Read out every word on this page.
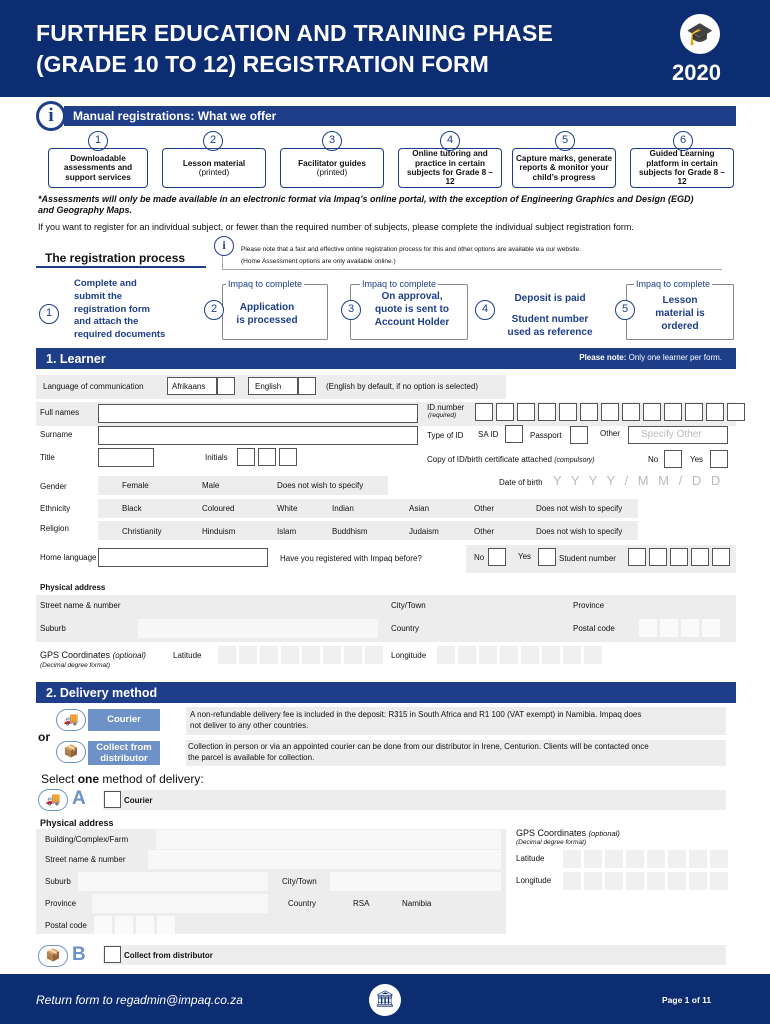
FURTHER EDUCATION AND TRAINING PHASE
(GRADE 10 TO 12) REGISTRATION FORM
🎓
2020
Manual registrations: What we offer
i
1
Downloadable assessments and support services
2
Lesson material
(printed)
3
Facilitator guides
(printed)
4
Online tutoring and practice in certain subjects for Grade 8 – 12
5
Capture marks, generate reports & monitor your child’s progress
6
Guided Learning platform in certain subjects for Grade 8 – 12
*Assessments will only be made available in an electronic format via Impaq’s online portal, with the exception of Engineering Graphics and Design (EGD)
and Geography Maps.
If you want to register for an individual subject, or fewer than the required number of subjects, please complete the individual subject registration form.
The registration process
i	Please note that a fast and effective online registration process for this and other options are available via our website.
(Home Assessment options are only available online.)
1
Complete and
submit the
registration form
and attach the
required documents
Impaq to complete
2	Application
is processed
Impaq to complete
3
On approval,
quote is sent to
Account Holder
4
Deposit is paid
Student number
used as reference
Impaq to complete
5
Lesson
material is
ordered
1. Learner	Please note: Only one learner per form.
Language of communication	Afrikaans	English	(English by default, if no option is selected)
Full names
ID number
(required)
Surname	Type of ID SA ID	Passport	Other	Specify Other
Title	Initials	Copy of ID/birth certificate attached (compulsory)	No	Yes
Gender	Female	Male	Does not wish to specify	Date of birth Y Y Y Y / M M / D D
Ethnicity	Black	Coloured	White	Indian	Asian	Other	Does not wish to specify
Religion	Christianity	Hinduism	Islam	Buddhism	Judaism	Other	Does not wish to specify
Home language	Have you registered with Impaq before?	No	Yes	Student number
Physical address
Street name & number	City/Town	Province
Suburb	Country	Postal code
GPS Coordinates (optional)
(Decimal degree format)
Latitude	Longitude
2. Delivery method
🚚	Courier
or
📦	Collect from
distributor
A non-refundable delivery fee is included in the deposit: R315 in South Africa and R1 100 (VAT exempt) in Namibia. Impaq does
not deliver to any other countries.
Collection in person or via an appointed courier can be done from our distributor in Irene, Centurion. Clients will be contacted once
the parcel is available for collection.
Select one method of delivery:
🚚 A	Courier
Physical address
Building/Complex/Farm
Street name & number
Suburb	City/Town
Province	Country	RSA	Namibia
Postal code
GPS Coordinates (optional)
(Decimal degree format)
Latitude
Longitude
📦 B	Collect from distributor
Return form to regadmin@impaq.co.za	🏛	Page 1 of 11
